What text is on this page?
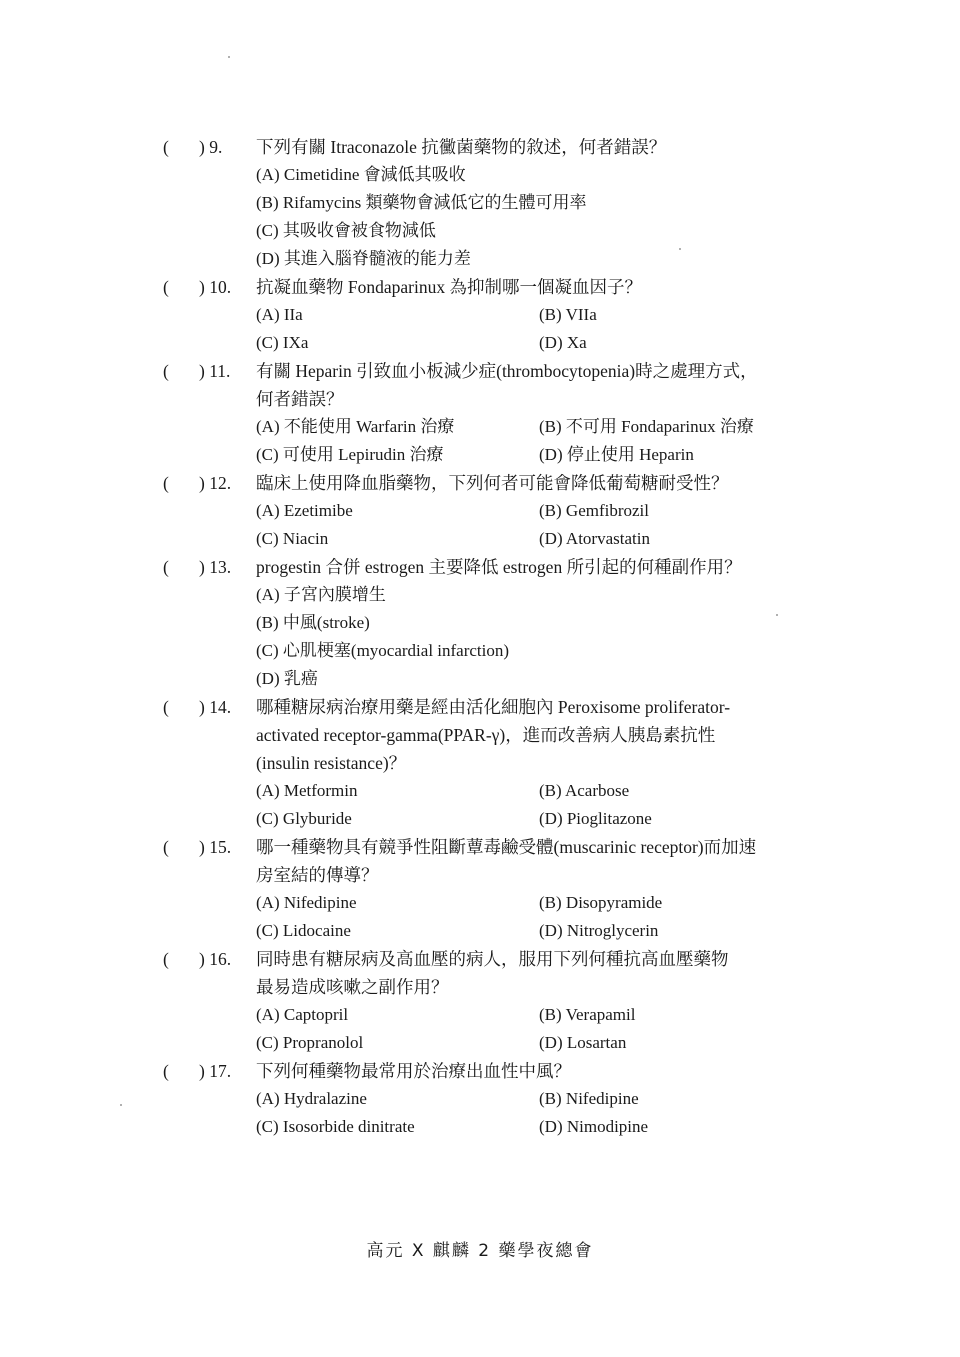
(	) 9. 下列有關 Itraconazole 抗黴菌藥物的敘述，何者錯誤？
(A) Cimetidine 會減低其吸收
(B) Rifamycins 類藥物會減低它的生體可用率
(C) 其吸收會被食物減低
(D) 其進入腦脊髓液的能力差
(	) 10. 抗凝血藥物 Fondaparinux 為抑制哪一個凝血因子？
(A) IIa	(B) VIIa
(C) IXa	(D) Xa
(	) 11. 有關 Heparin 引致血小板減少症(thrombocytopenia)時之處理方式，
何者錯誤？
(A) 不能使用 Warfarin 治療	(B) 不可用 Fondaparinux 治療
(C) 可使用 Lepirudin 治療	(D) 停止使用 Heparin
(	) 12. 臨床上使用降血脂藥物，下列何者可能會降低葡萄糖耐受性？
(A) Ezetimibe	(B) Gemfibrozil
(C) Niacin	(D) Atorvastatin
(	) 13. progestin 合併 estrogen 主要降低 estrogen 所引起的何種副作用？
(A) 子宮內膜增生
(B) 中風(stroke)
(C) 心肌梗塞(myocardial infarction)
(D) 乳癌
(	) 14. 哪種糖尿病治療用藥是經由活化細胞內 Peroxisome proliferator-
activated receptor-gamma(PPAR-γ)，進而改善病人胰島素抗性
(insulin resistance)？
(A) Metformin	(B) Acarbose
(C) Glyburide	(D) Pioglitazone
(	) 15. 哪一種藥物具有競爭性阻斷蕈毒鹼受體(muscarinic receptor)而加速
房室結的傳導？
(A) Nifedipine	(B) Disopyramide
(C) Lidocaine	(D) Nitroglycerin
(	) 16. 同時患有糖尿病及高血壓的病人，服用下列何種抗高血壓藥物
最易造成咳嗽之副作用？
(A) Captopril	(B) Verapamil
(C) Propranolol	(D) Losartan
(	) 17. 下列何種藥物最常用於治療出血性中風？
(A) Hydralazine	(B) Nifedipine
(C) Isosorbide dinitrate	(D) Nimodipine
高元 X 麒麟 2 藥學夜總會
